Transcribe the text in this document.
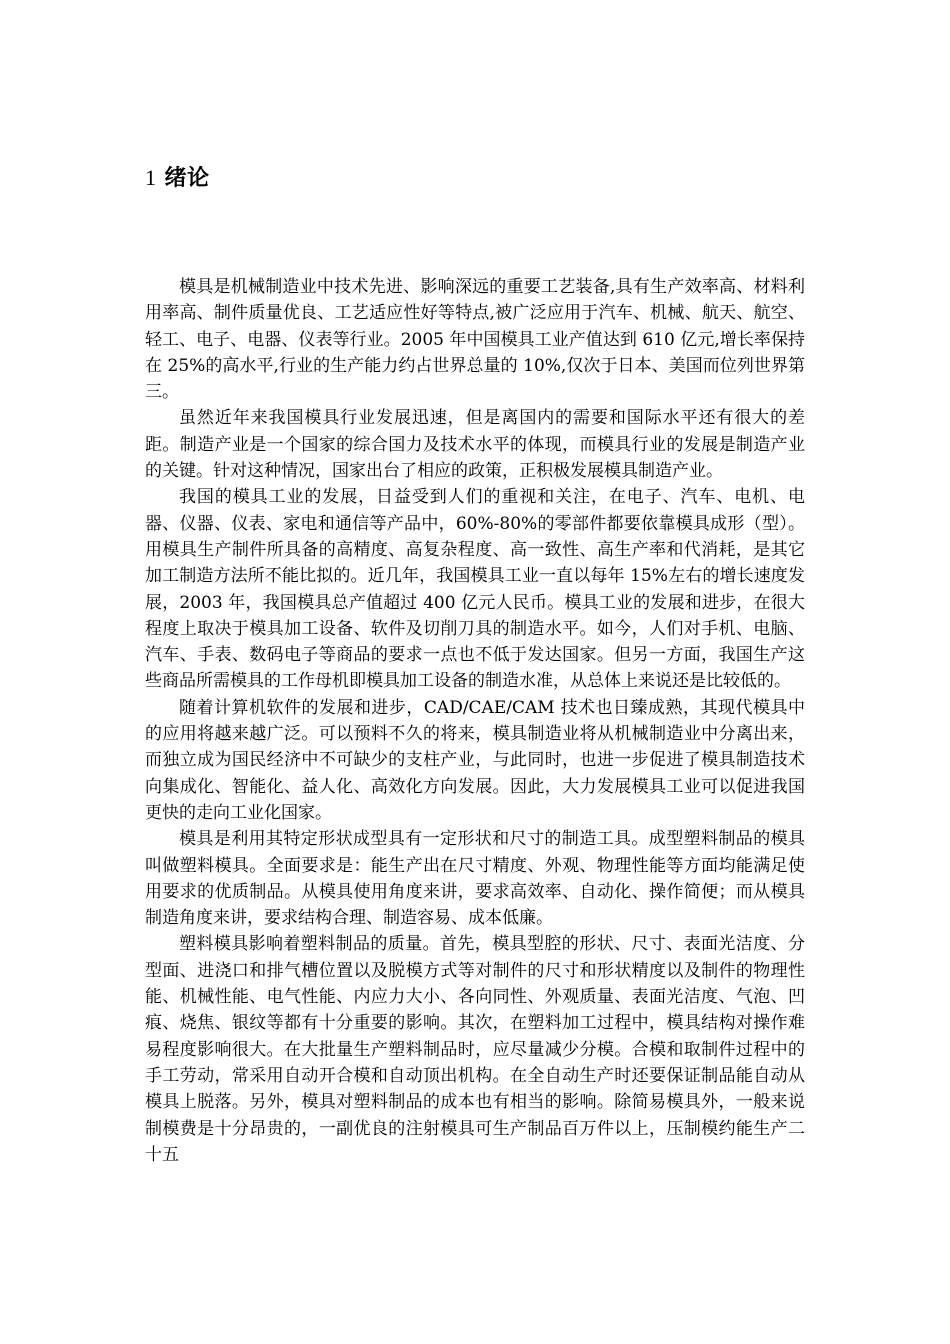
1 绪论

模具是机械制造业中技术先进、影响深远的重要工艺装备,具有生产效率高、材料利用率高、制件质量优良、工艺适应性好等特点,被广泛应用于汽车、机械、航天、航空、轻工、电子、电器、仪表等行业。2005 年中国模具工业产值达到 610 亿元,增长率保持在 25%的高水平,行业的生产能力约占世界总量的 10%,仅次于日本、美国而位列世界第三。

虽然近年来我国模具行业发展迅速，但是离国内的需要和国际水平还有很大的差距。制造产业是一个国家的综合国力及技术水平的体现，而模具行业的发展是制造产业的关键。针对这种情况，国家出台了相应的政策，正积极发展模具制造产业。

我国的模具工业的发展，日益受到人们的重视和关注，在电子、汽车、电机、电器、仪器、仪表、家电和通信等产品中，60%-80%的零部件都要依靠模具成形（型）。用模具生产制件所具备的高精度、高复杂程度、高一致性、高生产率和代消耗，是其它加工制造方法所不能比拟的。近几年，我国模具工业一直以每年 15%左右的增长速度发展，2003 年，我国模具总产值超过 400 亿元人民币。模具工业的发展和进步，在很大程度上取决于模具加工设备、软件及切削刀具的制造水平。如今，人们对手机、电脑、汽车、手表、数码电子等商品的要求一点也不低于发达国家。但另一方面，我国生产这些商品所需模具的工作母机即模具加工设备的制造水准，从总体上来说还是比较低的。

随着计算机软件的发展和进步，CAD/CAE/CAM 技术也日臻成熟，其现代模具中的应用将越来越广泛。可以预料不久的将来，模具制造业将从机械制造业中分离出来，而独立成为国民经济中不可缺少的支柱产业，与此同时，也进一步促进了模具制造技术向集成化、智能化、益人化、高效化方向发展。因此，大力发展模具工业可以促进我国更快的走向工业化国家。

模具是利用其特定形状成型具有一定形状和尺寸的制造工具。成型塑料制品的模具叫做塑料模具。全面要求是：能生产出在尺寸精度、外观、物理性能等方面均能满足使用要求的优质制品。从模具使用角度来讲，要求高效率、自动化、操作简便；而从模具制造角度来讲，要求结构合理、制造容易、成本低廉。

塑料模具影响着塑料制品的质量。首先，模具型腔的形状、尺寸、表面光洁度、分型面、进浇口和排气槽位置以及脱模方式等对制件的尺寸和形状精度以及制件的物理性能、机械性能、电气性能、内应力大小、各向同性、外观质量、表面光洁度、气泡、凹痕、烧焦、银纹等都有十分重要的影响。其次，在塑料加工过程中，模具结构对操作难易程度影响很大。在大批量生产塑料制品时，应尽量减少分模。合模和取制件过程中的手工劳动，常采用自动开合模和自动顶出机构。在全自动生产时还要保证制品能自动从模具上脱落。另外，模具对塑料制品的成本也有相当的影响。除简易模具外，一般来说制模费是十分昂贵的，一副优良的注射模具可生产制品百万件以上，压制模约能生产二十五
